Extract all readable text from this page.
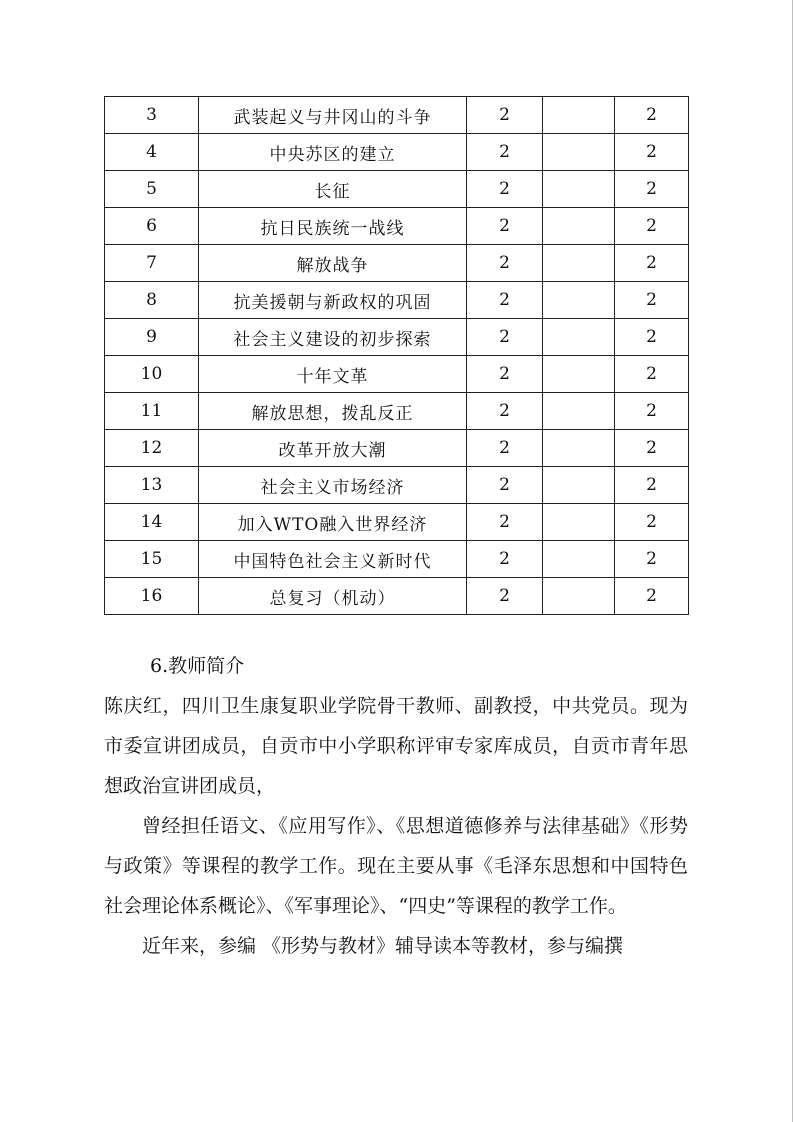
3	武装起义与井冈山的斗争	2		2
4	中央苏区的建立	2		2
5	长征	2		2
6	抗日民族统一战线	2		2
7	解放战争	2		2
8	抗美援朝与新政权的巩固	2		2
9	社会主义建设的初步探索	2		2
10	十年文革	2		2
11	解放思想，拨乱反正	2		2
12	改革开放大潮	2		2
13	社会主义市场经济	2		2
14	加入WTO融入世界经济	2		2
15	中国特色社会主义新时代	2		2
16	总复习（机动）	2		2
6.教师简介

陈庆红，四川卫生康复职业学院骨干教师、副教授，中共党员。现为市委宣讲团成员，自贡市中小学职称评审专家库成员，自贡市青年思想政治宣讲团成员，

曾经担任语文、《应用写作》、《思想道德修养与法律基础》《形势与政策》等课程的教学工作。现在主要从事《毛泽东思想和中国特色社会理论体系概论》、《军事理论》、“四史”等课程的教学工作。

近年来，参编 《形势与教材》辅导读本等教材，参与编撰
